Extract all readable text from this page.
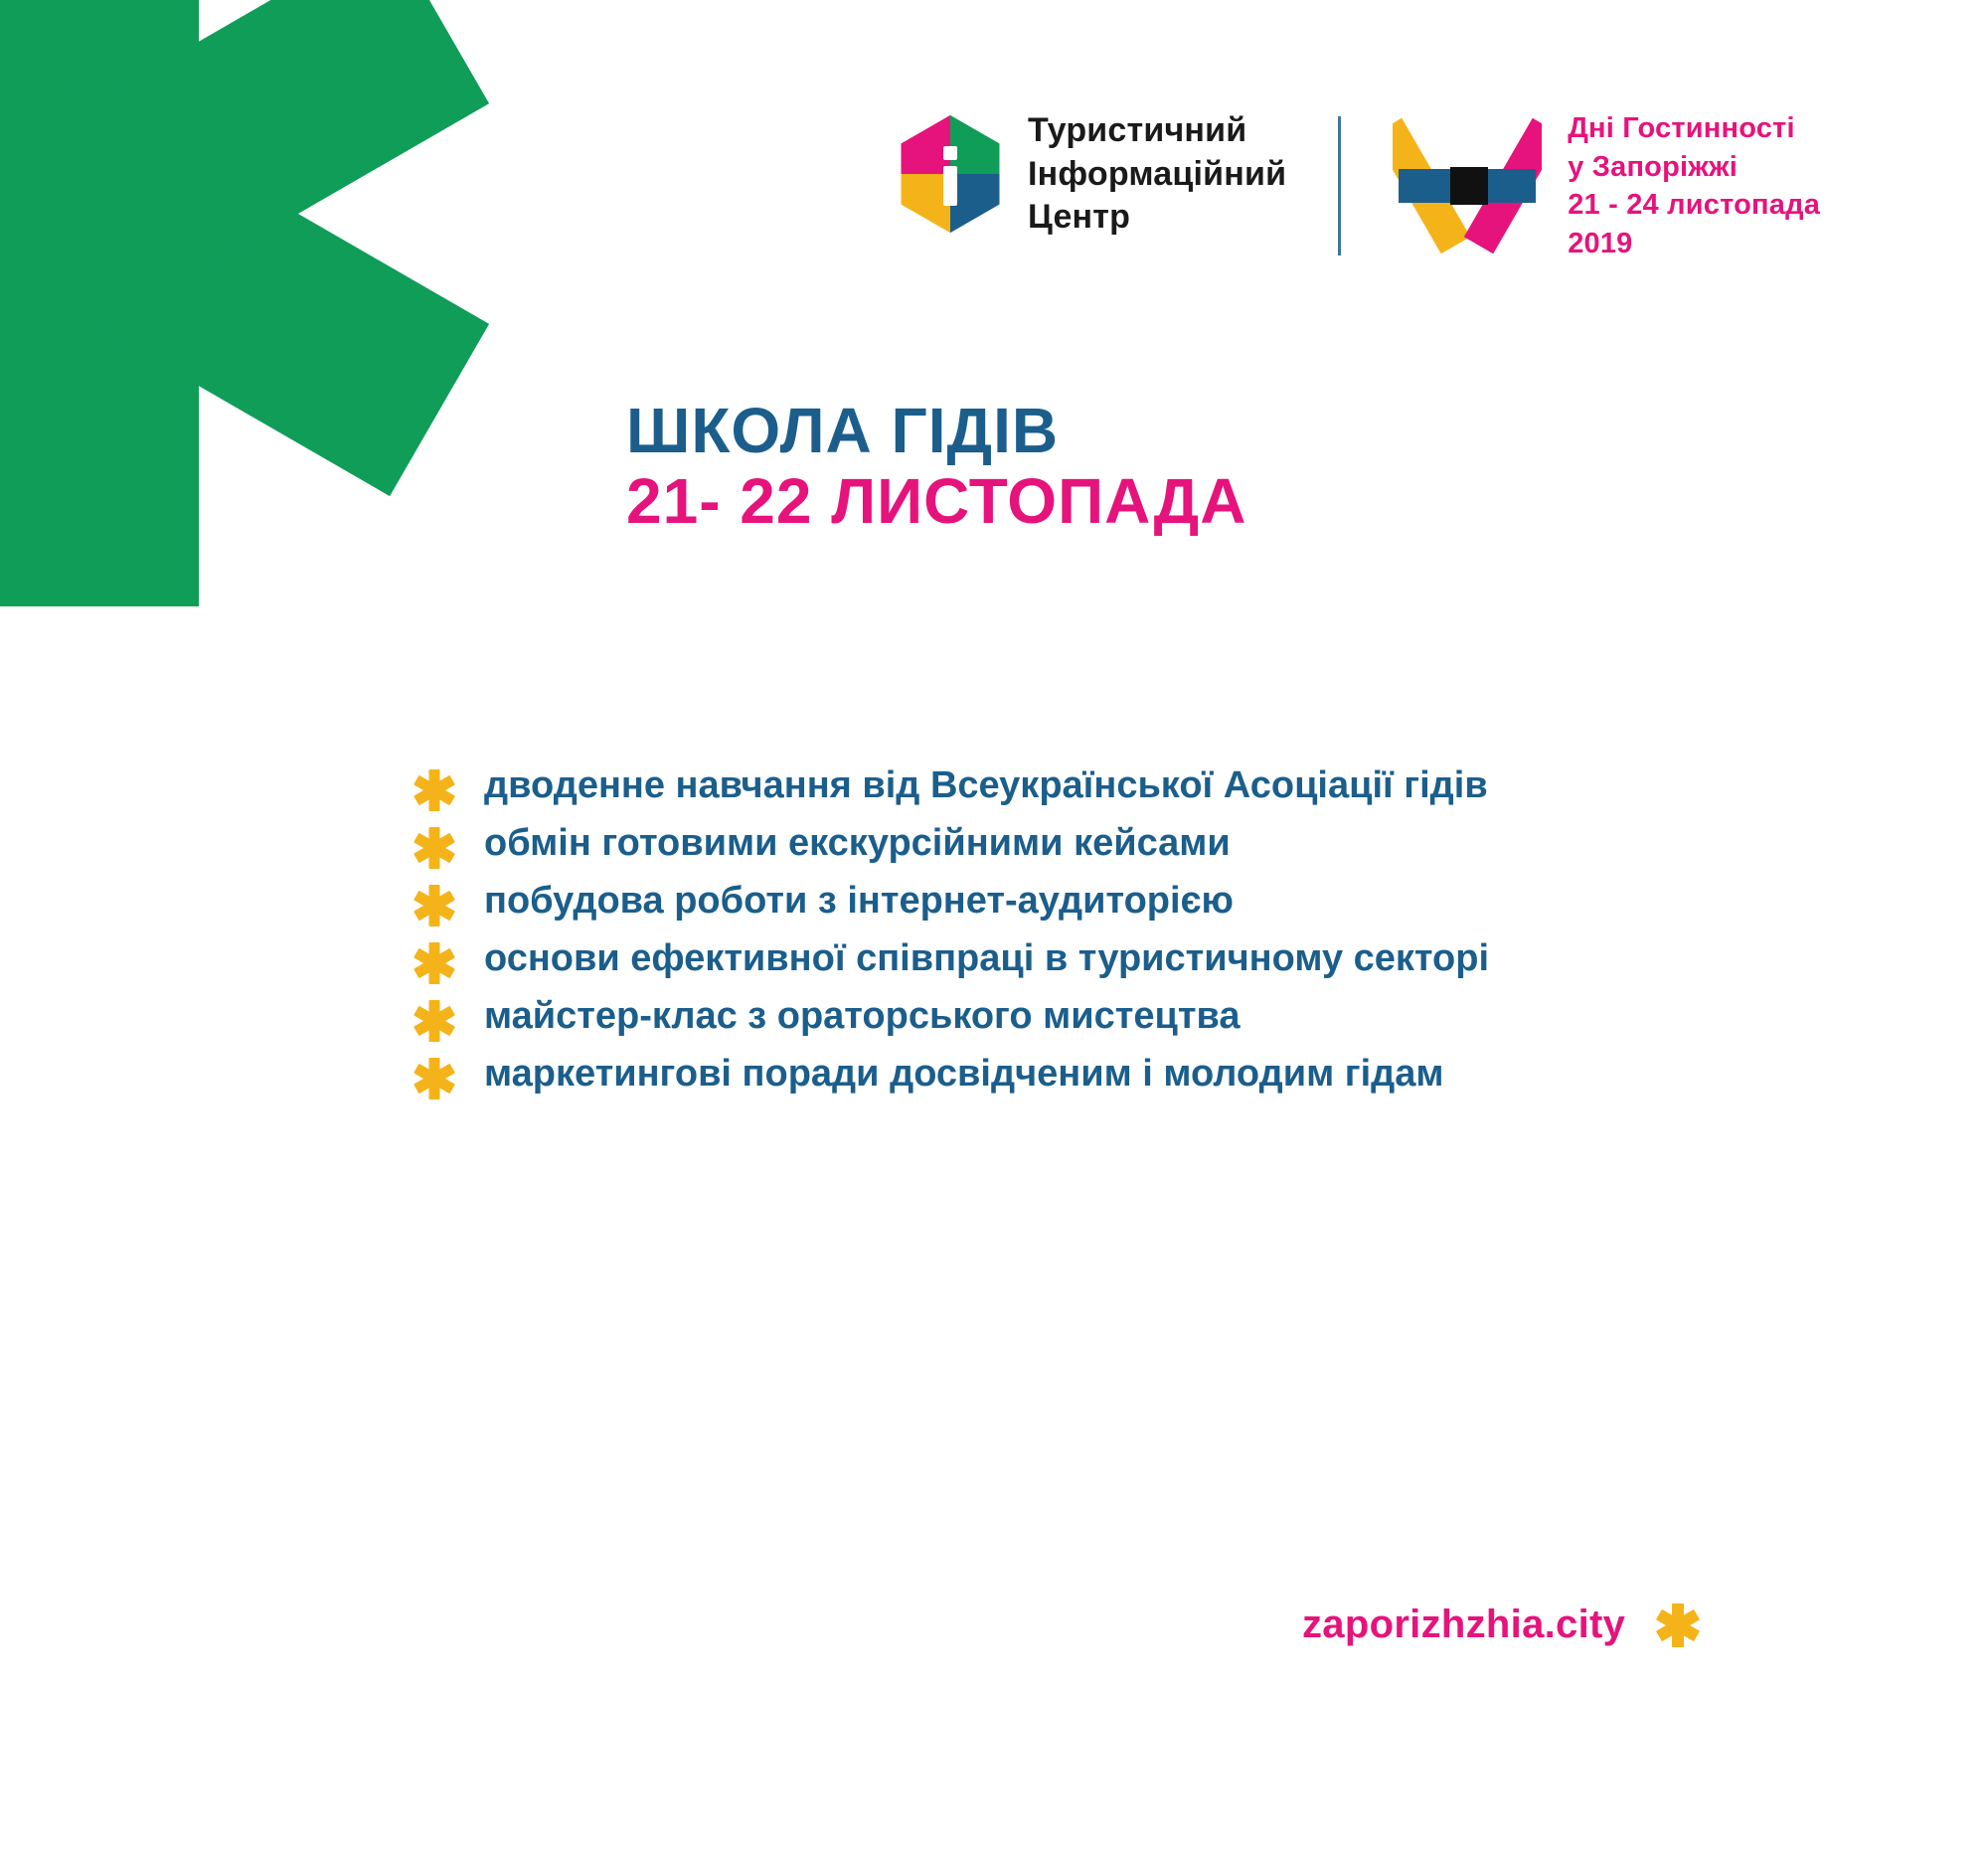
Туристичний
Інформаційний
Центр
Дні Гостинності
у Запоріжжі
21 - 24 листопада
2019
ШКОЛА ГІДІВ
21- 22 ЛИСТОПАДА
дводенне навчання від Всеукраїнської Асоціації гідів
обмін готовими екскурсійними кейсами
побудова роботи з інтернет-аудиторією
основи ефективної співпраці в туристичному секторі
майстер-клас з ораторського мистецтва
маркетингові поради досвідченим і молодим гідам
zaporizhzhia.city
